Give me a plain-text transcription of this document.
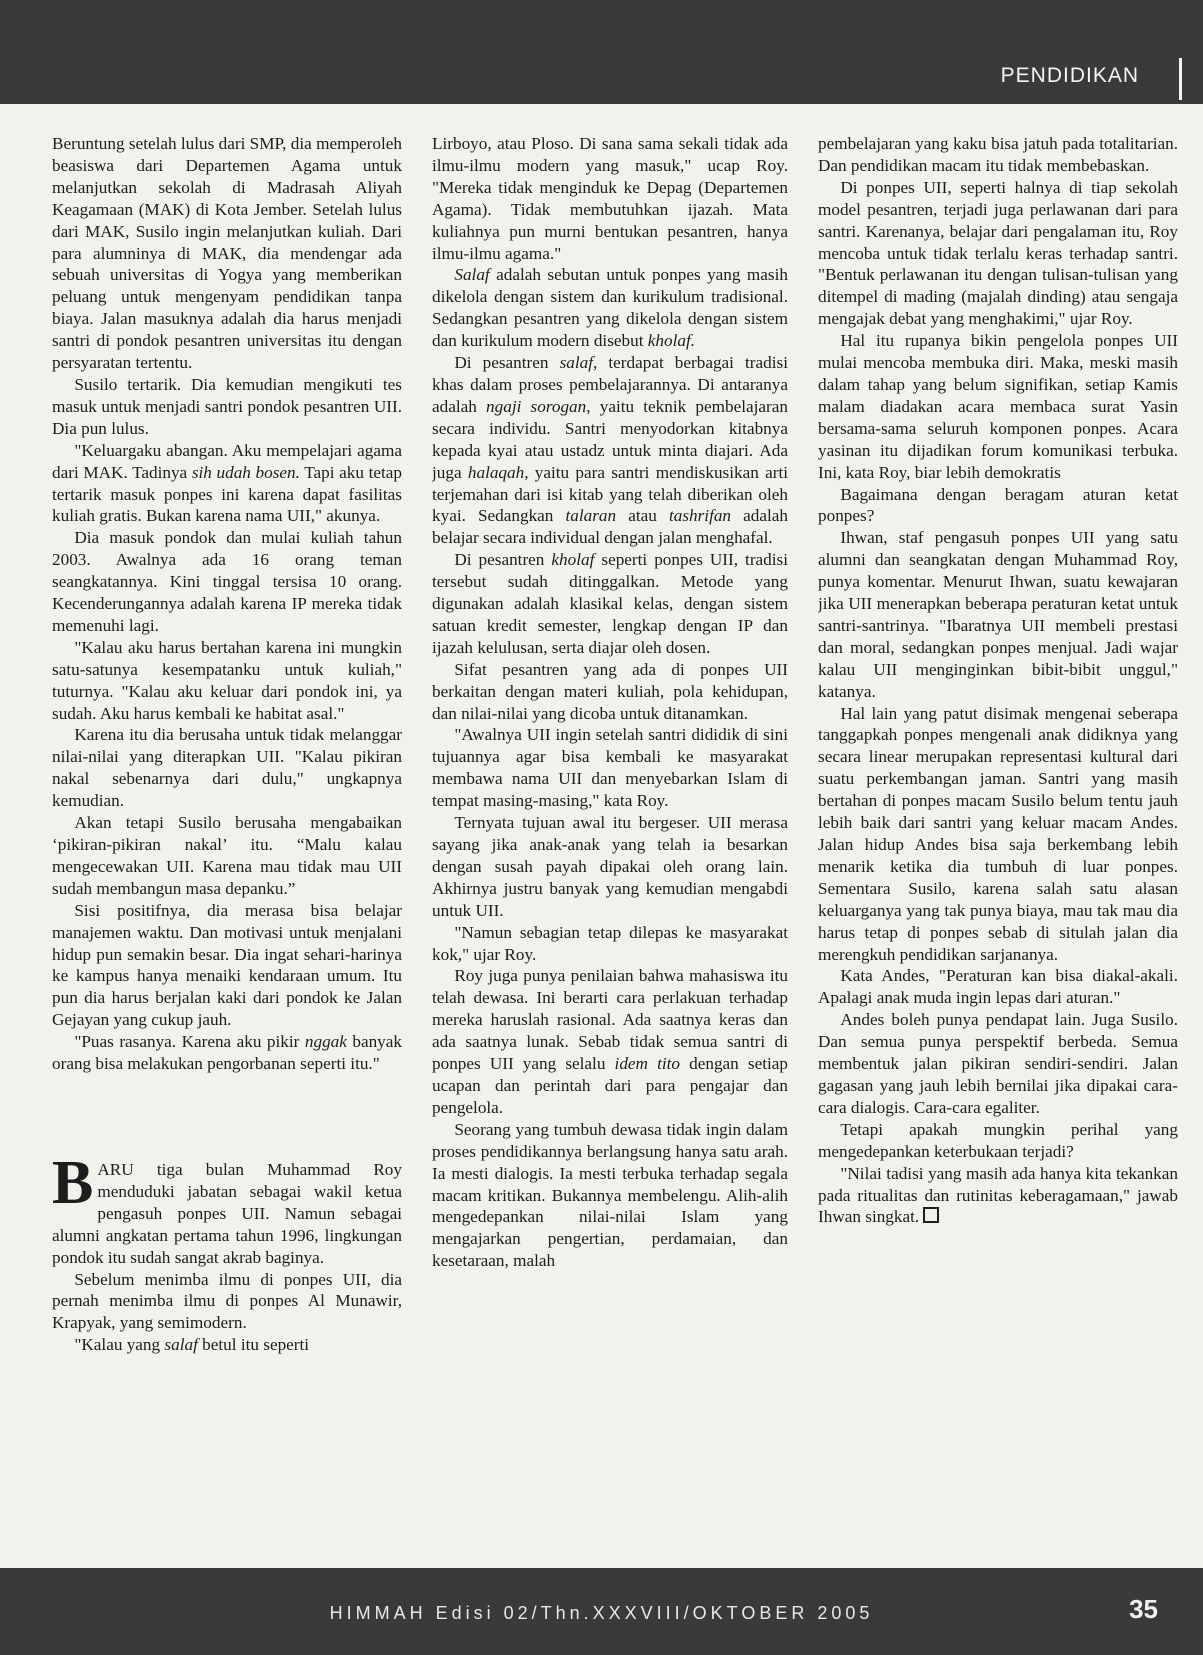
PENDIDIKAN

Beruntung setelah lulus dari SMP, dia memperoleh beasiswa dari Departemen Agama untuk melanjutkan sekolah di Madrasah Aliyah Keagamaan (MAK) di Kota Jember. Setelah lulus dari MAK, Susilo ingin melanjutkan kuliah. Dari para alumninya di MAK, dia mendengar ada sebuah universitas di Yogya yang memberikan peluang untuk mengenyam pendidikan tanpa biaya. Jalan masuknya adalah dia harus menjadi santri di pondok pesantren universitas itu dengan persyaratan tertentu.

Susilo tertarik. Dia kemudian mengikuti tes masuk untuk menjadi santri pondok pesantren UII. Dia pun lulus.

"Keluargaku abangan. Aku mempelajari agama dari MAK. Tadinya sih udah bosen. Tapi aku tetap tertarik masuk ponpes ini karena dapat fasilitas kuliah gratis. Bukan karena nama UII," akunya.

Dia masuk pondok dan mulai kuliah tahun 2003. Awalnya ada 16 orang teman seangkatannya. Kini tinggal tersisa 10 orang. Kecenderungannya adalah karena IP mereka tidak memenuhi lagi.

"Kalau aku harus bertahan karena ini mungkin satu-satunya kesempatanku untuk kuliah," tuturnya. "Kalau aku keluar dari pondok ini, ya sudah. Aku harus kembali ke habitat asal."

Karena itu dia berusaha untuk tidak melanggar nilai-nilai yang diterapkan UII. "Kalau pikiran nakal sebenarnya dari dulu," ungkapnya kemudian.

Akan tetapi Susilo berusaha mengabaikan ‘pikiran-pikiran nakal’ itu. “Malu kalau mengecewakan UII. Karena mau tidak mau UII sudah membangun masa depanku.”

Sisi positifnya, dia merasa bisa belajar manajemen waktu. Dan motivasi untuk menjalani hidup pun semakin besar. Dia ingat sehari-harinya ke kampus hanya menaiki kendaraan umum. Itu pun dia harus berjalan kaki dari pondok ke Jalan Gejayan yang cukup jauh.

"Puas rasanya. Karena aku pikir nggak banyak orang bisa melakukan pengorbanan seperti itu."

BARU tiga bulan Muhammad Roy menduduki jabatan sebagai wakil ketua pengasuh ponpes UII. Namun sebagai alumni angkatan pertama tahun 1996, lingkungan pondok itu sudah sangat akrab baginya.

Sebelum menimba ilmu di ponpes UII, dia pernah menimba ilmu di ponpes Al Munawir, Krapyak, yang semimodern.

"Kalau yang salaf betul itu seperti

Lirboyo, atau Ploso. Di sana sama sekali tidak ada ilmu-ilmu modern yang masuk," ucap Roy. "Mereka tidak menginduk ke Depag (Departemen Agama). Tidak membutuhkan ijazah. Mata kuliahnya pun murni bentukan pesantren, hanya ilmu-ilmu agama."

Salaf adalah sebutan untuk ponpes yang masih dikelola dengan sistem dan kurikulum tradisional. Sedangkan pesantren yang dikelola dengan sistem dan kurikulum modern disebut kholaf.

Di pesantren salaf, terdapat berbagai tradisi khas dalam proses pembelajarannya. Di antaranya adalah ngaji sorogan, yaitu teknik pembelajaran secara individu. Santri menyodorkan kitabnya kepada kyai atau ustadz untuk minta diajari. Ada juga halaqah, yaitu para santri mendiskusikan arti terjemahan dari isi kitab yang telah diberikan oleh kyai. Sedangkan talaran atau tashrifan adalah belajar secara individual dengan jalan menghafal.

Di pesantren kholaf seperti ponpes UII, tradisi tersebut sudah ditinggalkan. Metode yang digunakan adalah klasikal kelas, dengan sistem satuan kredit semester, lengkap dengan IP dan ijazah kelulusan, serta diajar oleh dosen.

Sifat pesantren yang ada di ponpes UII berkaitan dengan materi kuliah, pola kehidupan, dan nilai-nilai yang dicoba untuk ditanamkan.

"Awalnya UII ingin setelah santri dididik di sini tujuannya agar bisa kembali ke masyarakat membawa nama UII dan menyebarkan Islam di tempat masing-masing," kata Roy.

Ternyata tujuan awal itu bergeser. UII merasa sayang jika anak-anak yang telah ia besarkan dengan susah payah dipakai oleh orang lain. Akhirnya justru banyak yang kemudian mengabdi untuk UII.

"Namun sebagian tetap dilepas ke masyarakat kok," ujar Roy.

Roy juga punya penilaian bahwa mahasiswa itu telah dewasa. Ini berarti cara perlakuan terhadap mereka haruslah rasional. Ada saatnya keras dan ada saatnya lunak. Sebab tidak semua santri di ponpes UII yang selalu idem tito dengan setiap ucapan dan perintah dari para pengajar dan pengelola.

Seorang yang tumbuh dewasa tidak ingin dalam proses pendidikannya berlangsung hanya satu arah. Ia mesti dialogis. Ia mesti terbuka terhadap segala macam kritikan. Bukannya membelengu. Alih-alih mengedepankan nilai-nilai Islam yang mengajarkan pengertian, perdamaian, dan kesetaraan, malah

pembelajaran yang kaku bisa jatuh pada totalitarian. Dan pendidikan macam itu tidak membebaskan.

Di ponpes UII, seperti halnya di tiap sekolah model pesantren, terjadi juga perlawanan dari para santri. Karenanya, belajar dari pengalaman itu, Roy mencoba untuk tidak terlalu keras terhadap santri. "Bentuk perlawanan itu dengan tulisan-tulisan yang ditempel di mading (majalah dinding) atau sengaja mengajak debat yang menghakimi," ujar Roy.

Hal itu rupanya bikin pengelola ponpes UII mulai mencoba membuka diri. Maka, meski masih dalam tahap yang belum signifikan, setiap Kamis malam diadakan acara membaca surat Yasin bersama-sama seluruh komponen ponpes. Acara yasinan itu dijadikan forum komunikasi terbuka. Ini, kata Roy, biar lebih demokratis

Bagaimana dengan beragam aturan ketat ponpes?

Ihwan, staf pengasuh ponpes UII yang satu alumni dan seangkatan dengan Muhammad Roy, punya komentar. Menurut Ihwan, suatu kewajaran jika UII menerapkan beberapa peraturan ketat untuk santri-santrinya. "Ibaratnya UII membeli prestasi dan moral, sedangkan ponpes menjual. Jadi wajar kalau UII menginginkan bibit-bibit unggul," katanya.

Hal lain yang patut disimak mengenai seberapa tanggapkah ponpes mengenali anak didiknya yang secara linear merupakan representasi kultural dari suatu perkembangan jaman. Santri yang masih bertahan di ponpes macam Susilo belum tentu jauh lebih baik dari santri yang keluar macam Andes. Jalan hidup Andes bisa saja berkembang lebih menarik ketika dia tumbuh di luar ponpes. Sementara Susilo, karena salah satu alasan keluarganya yang tak punya biaya, mau tak mau dia harus tetap di ponpes sebab di situlah jalan dia merengkuh pendidikan sarjananya.

Kata Andes, "Peraturan kan bisa diakal-akali. Apalagi anak muda ingin lepas dari aturan."

Andes boleh punya pendapat lain. Juga Susilo. Dan semua punya perspektif berbeda. Semua membentuk jalan pikiran sendiri-sendiri. Jalan gagasan yang jauh lebih bernilai jika dipakai cara-cara dialogis. Cara-cara egaliter.

Tetapi apakah mungkin perihal yang mengedepankan keterbukaan terjadi?

"Nilai tadisi yang masih ada hanya kita tekankan pada ritualitas dan rutinitas keberagamaan," jawab Ihwan singkat.

HIMMAH Edisi 02/Thn.XXXVIII/OKTOBER 2005	35
